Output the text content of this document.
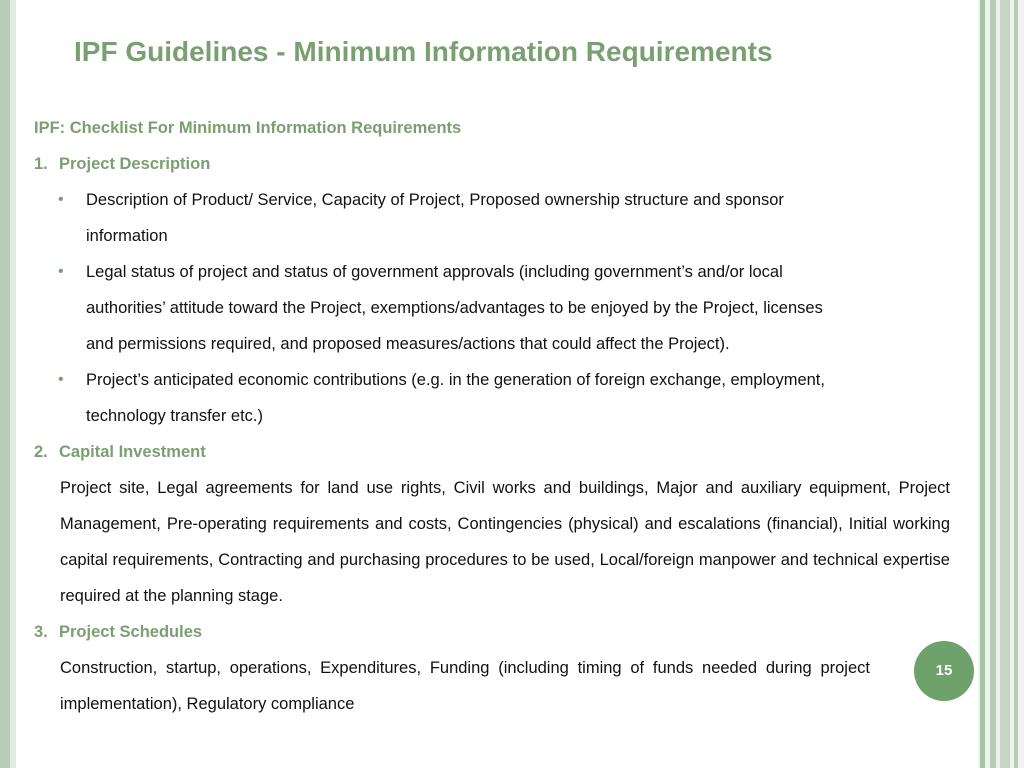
IPF Guidelines - Minimum Information Requirements
IPF: Checklist For Minimum Information Requirements
1. Project Description
• Description of Product/ Service, Capacity of Project, Proposed ownership structure and sponsor
information
• Legal status of project and status of government approvals (including government’s and/or local
authorities’ attitude toward the Project, exemptions/advantages to be enjoyed by the Project, licenses
and permissions required, and proposed measures/actions that could affect the Project).
• Project’s anticipated economic contributions (e.g. in the generation of foreign exchange, employment,
technology transfer etc.)
2. Capital Investment
Project site, Legal agreements for land use rights, Civil works and buildings, Major and auxiliary equipment, Project Management, Pre-operating requirements and costs, Contingencies (physical) and escalations (financial), Initial working capital requirements, Contracting and purchasing procedures to be used, Local/foreign manpower and technical expertise required at the planning stage.
3. Project Schedules
Construction, startup, operations, Expenditures, Funding (including timing of funds needed during project implementation), Regulatory compliance
15
